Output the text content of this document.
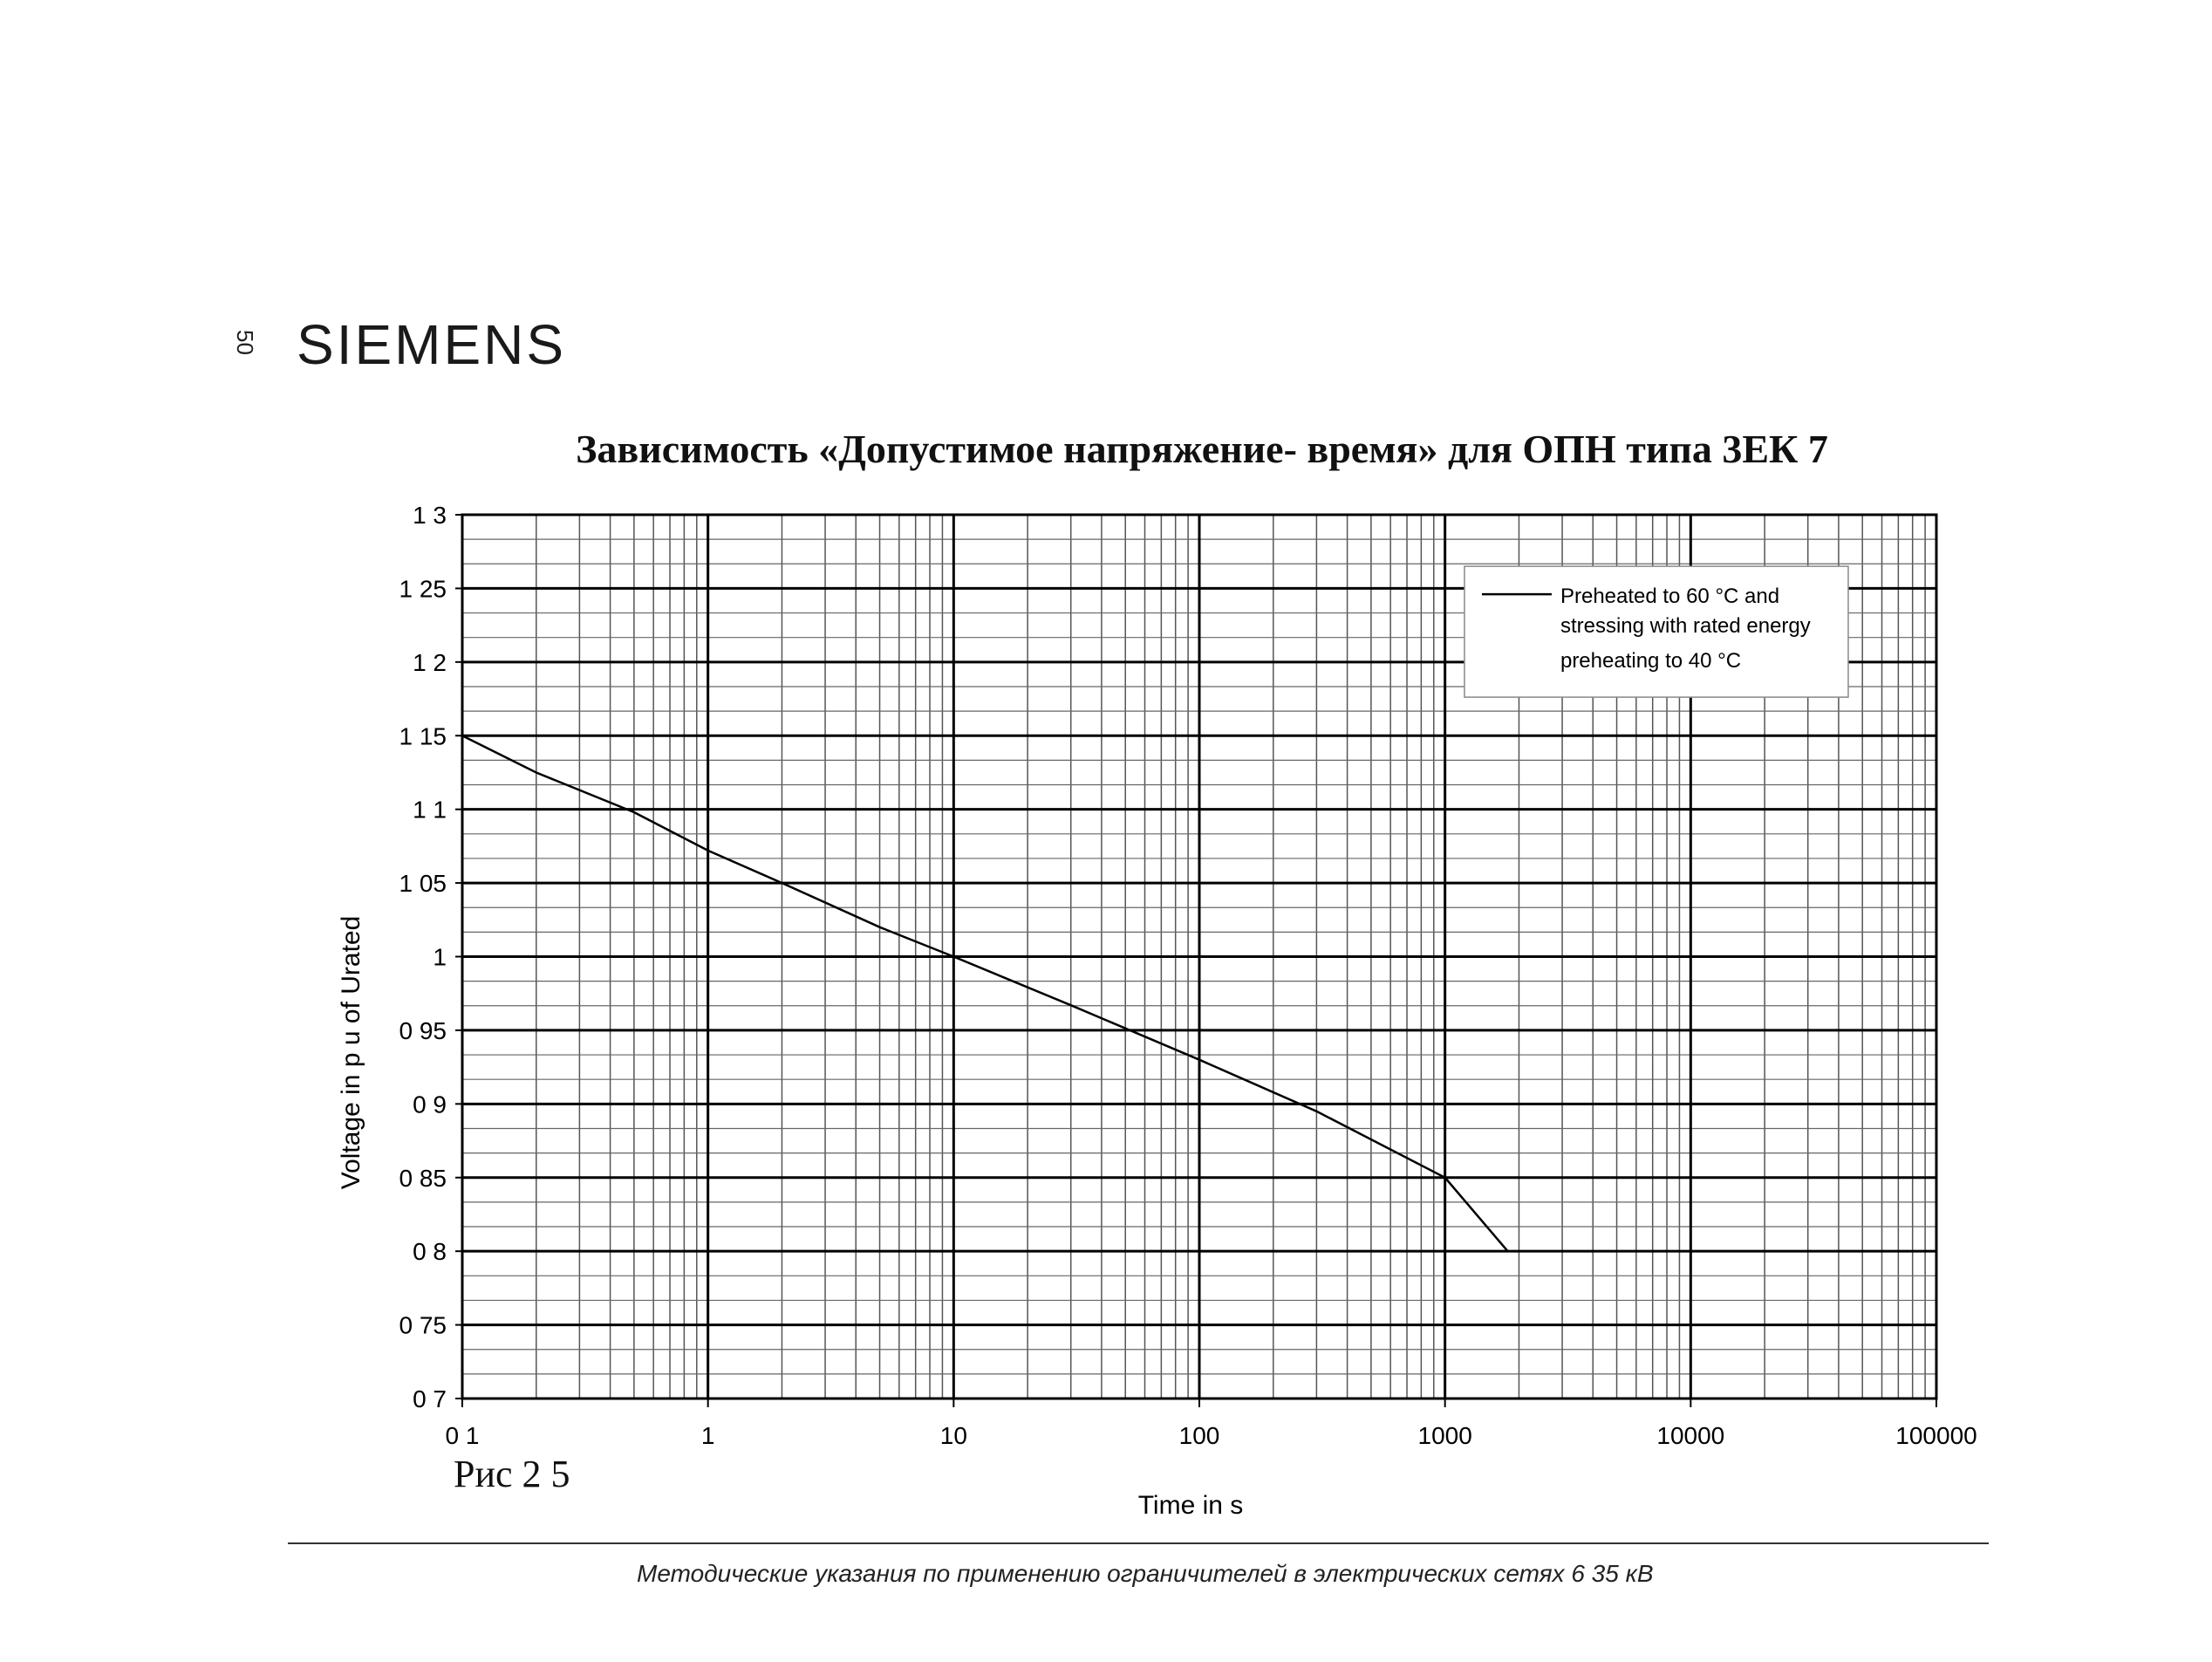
50 SIEMENS
Зависимость «Допустимое напряжение- время» для ОПН типа 3ЕК 7
0 7
0 75
0 8
0 85
0 9
0 95
1
1 05
1 1
1 15
1 2
1 25
1 3
0 1	1	10	100	1000	10000	100000
Preheated to 60 °C and
stressing with rated energy
preheating to 40 °C
Time in s
Voltage in p u of Urated
Рис 2 5
Методические указания по применению ограничителей в электрических сетях 6 35 кВ
